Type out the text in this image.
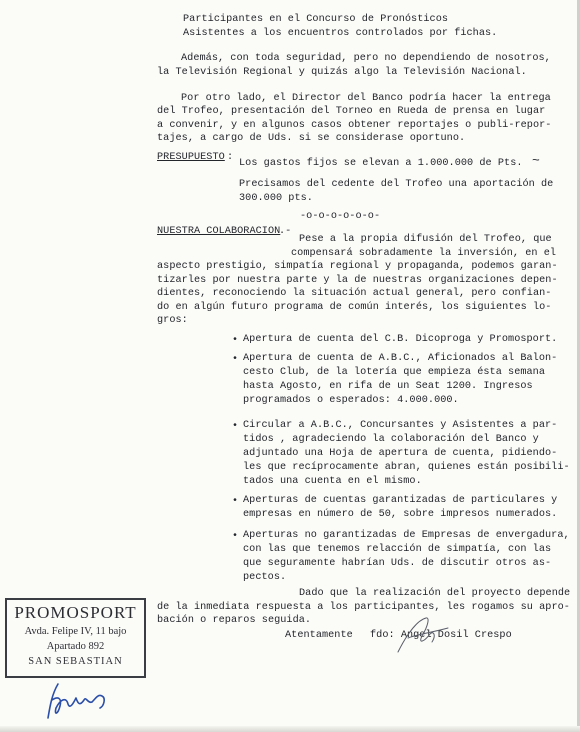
Participantes en el Concurso de Pronósticos
Asistentes a los encuentros controlados por fichas.
Además, con toda seguridad, pero no dependiendo de nosotros,
la Televisión Regional y quizás algo la Televisión Nacional.
Por otro lado, el Director del Banco podría hacer la entrega
del Trofeo, presentación del Torneo en Rueda de prensa en lugar
a convenir, y en algunos casos obtener reportajes o publi-repor-
tajes, a cargo de Uds. si se considerase oportuno.
PRESUPUESTO :
Los gastos fijos se elevan a 1.000.000 de Pts. ~
Precisamos del cedente del Trofeo una aportación de
300.000 pts.
-o-o-o-o-o-o-
NUESTRA COLABORACION
.-
Pese a la propia difusión del Trofeo, que
compensará sobradamente la inversión, en el
aspecto prestigio, simpatía regional y propaganda, podemos garan-
tizarles por nuestra parte y la de nuestras organizaciones depen-
dientes, reconociendo la situación actual general, pero confian-
do en algún futuro programa de común interés, los siguientes lo-
gros:
• Apertura de cuenta del C.B. Dicoproga y Promosport.
• Apertura de cuenta de A.B.C., Aficionados al Balon-
cesto Club, de la lotería que empieza ésta semana
hasta Agosto, en rifa de un Seat 1200. Ingresos
programados o esperados: 4.000.000.
• Circular a A.B.C., Concursantes y Asistentes a par-
tidos , agradeciendo la colaboración del Banco y
adjuntado una Hoja de apertura de cuenta, pidiendo-
les que recíprocamente abran, quienes están posibili-
tados una cuenta en el mismo.
• Aperturas de cuentas garantizadas de particulares y
empresas en número de 50, sobre impresos numerados.
• Aperturas no garantizadas de Empresas de envergadura,
con las que tenemos relacción de simpatía, con las
que seguramente habrían Uds. de discutir otros as-
pectos.
Dado que la realización del proyecto depende
de la inmediata respuesta a los participantes, les rogamos su apro-
bación o reparos seguida.
Atentamente fdo: Angel Dosil Crespo
PROMOSPORT
Avda. Felipe IV, 11 bajo
Apartado 892
SAN SEBASTIAN
